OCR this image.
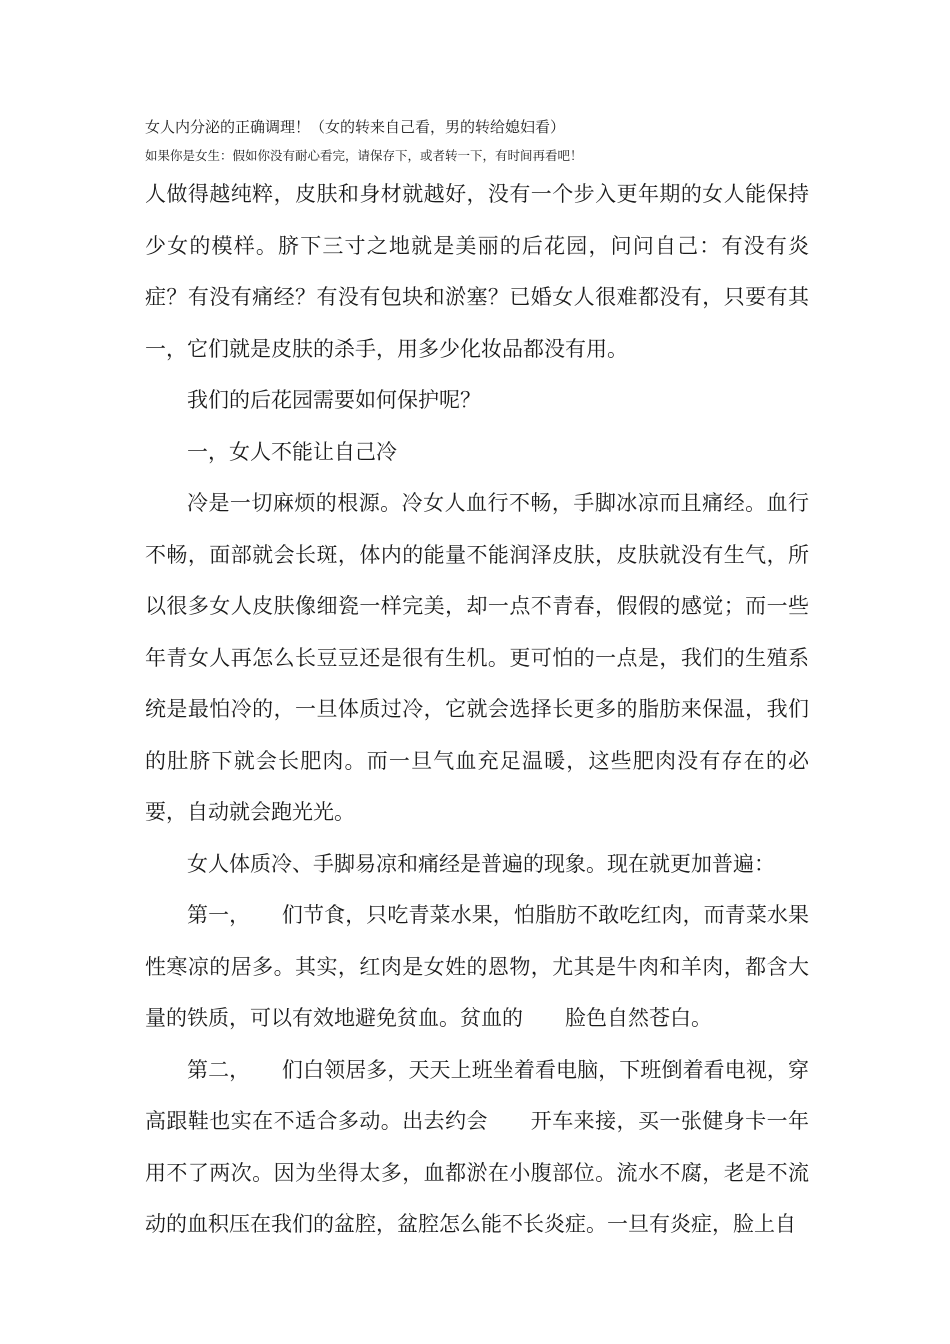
女人内分泌的正确调理！（女的转来自己看，男的转给媳妇看）
如果你是女生：假如你没有耐心看完，请保存下，或者转一下，有时间再看吧！

人做得越纯粹，皮肤和身材就越好，没有一个步入更年期的女人能保持少女的模样。脐下三寸之地就是美丽的后花园，问问自己：有没有炎症？有没有痛经？有没有包块和淤塞？已婚女人很难都没有，只要有其一，它们就是皮肤的杀手，用多少化妆品都没有用。

我们的后花园需要如何保护呢？

一，女人不能让自己冷

冷是一切麻烦的根源。冷女人血行不畅，手脚冰凉而且痛经。血行不畅，面部就会长斑，体内的能量不能润泽皮肤，皮肤就没有生气，所以很多女人皮肤像细瓷一样完美，却一点不青春，假假的感觉；而一些年青女人再怎么长豆豆还是很有生机。更可怕的一点是，我们的生殖系统是最怕冷的，一旦体质过冷，它就会选择长更多的脂肪来保温，我们的肚脐下就会长肥肉。而一旦气血充足温暖，这些肥肉没有存在的必要，自动就会跑光光。

女人体质冷、手脚易凉和痛经是普遍的现象。现在就更加普遍：

第一，　　们节食，只吃青菜水果，怕脂肪不敢吃红肉，而青菜水果性寒凉的居多。其实，红肉是女姓的恩物，尤其是牛肉和羊肉，都含大量的铁质，可以有效地避免贫血。贫血的　　脸色自然苍白。

第二，　　们白领居多，天天上班坐着看电脑，下班倒着看电视，穿高跟鞋也实在不适合多动。出去约会　　开车来接，买一张健身卡一年用不了两次。因为坐得太多，血都淤在小腹部位。流水不腐，老是不流动的血积压在我们的盆腔，盆腔怎么能不长炎症。一旦有炎症，脸上自
